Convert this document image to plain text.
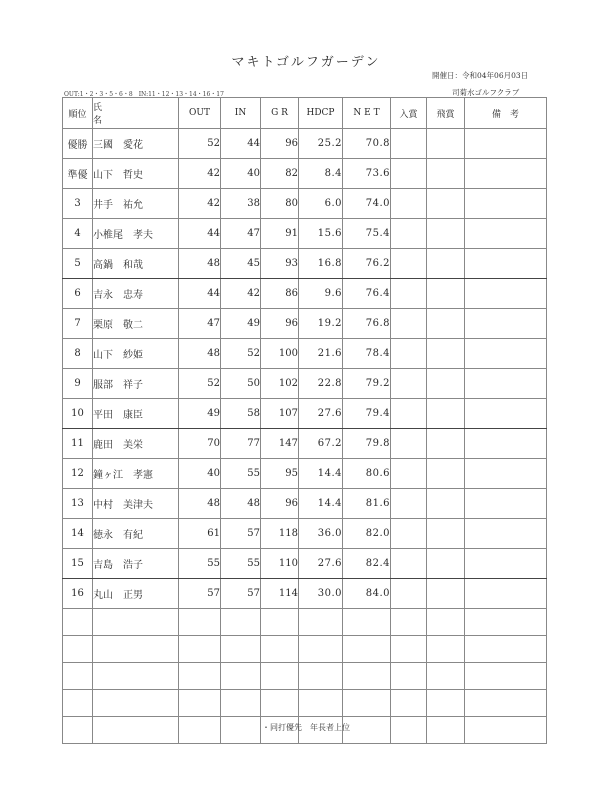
マキトゴルフガーデン
開催日：令和04年06月03日
OUT:1・2・3・5・6・8　IN:11・12・13・14・16・17	司菊水ゴルフクラブ
順位	氏　名	OUT	IN	G R	HDCP	N E T	入賞	飛賞	備　考
優勝	三國　愛花	52	44	96	25.2	70.8			
準優	山下　哲史	42	40	82	8.4	73.6			
3	井手　祐允	42	38	80	6.0	74.0			
4	小椎尾　孝夫	44	47	91	15.6	75.4			
5	高鍋　和哉	48	45	93	16.8	76.2			
6	吉永　忠寿	44	42	86	9.6	76.4			
7	栗原　敬二	47	49	96	19.2	76.8			
8	山下　紗姫	48	52	100	21.6	78.4			
9	服部　祥子	52	50	102	22.8	79.2			
10	平田　康臣	49	58	107	27.6	79.4			
11	鹿田　美栄	70	77	147	67.2	79.8			
12	鐘ヶ江　孝憲	40	55	95	14.4	80.6			
13	中村　美津夫	48	48	96	14.4	81.6			
14	徳永　有紀	61	57	118	36.0	82.0			
15	吉島　浩子	55	55	110	27.6	82.4			
16	丸山　正男	57	57	114	30.0	84.0			

・同打優先　年長者上位
